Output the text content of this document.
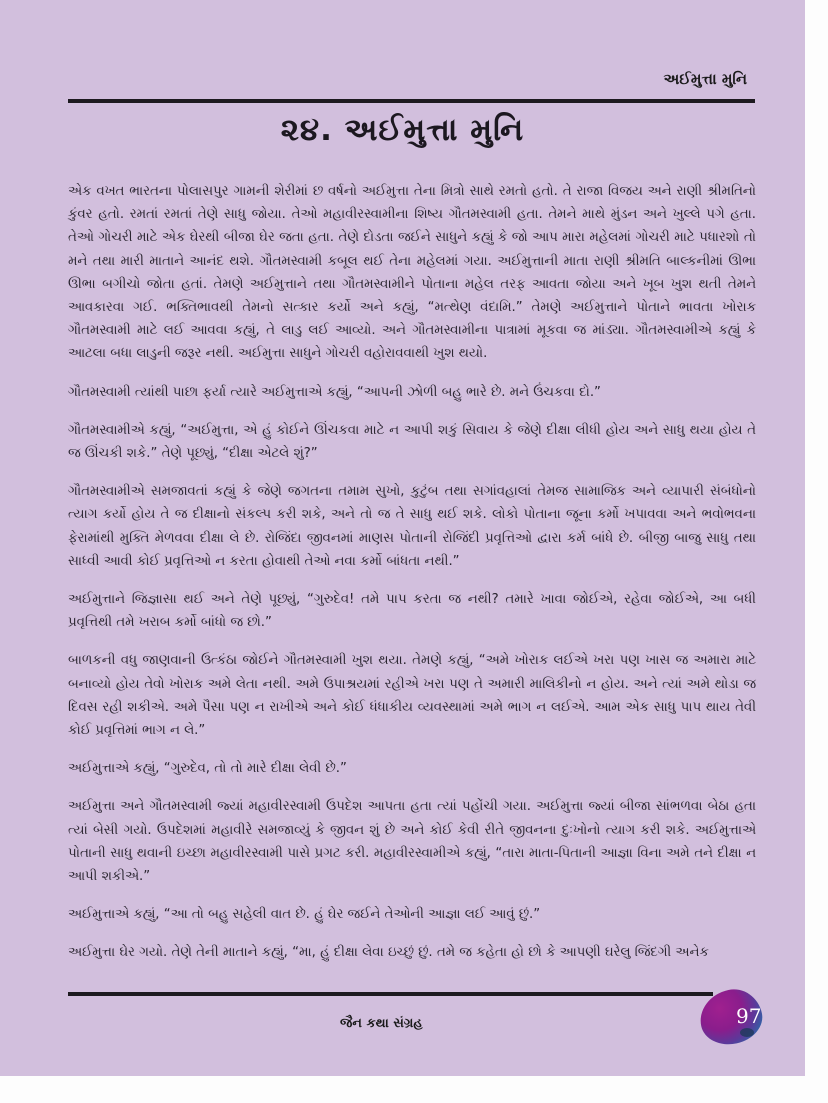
અઈમુત્તા મુનિ
૨૪. અઈમુત્તા મુનિ

એક વખત ભારતના પોલાસપુર ગામની શેરીમાં છ વર્ષનો અઈમુત્તા તેના મિત્રો સાથે રમતો હતો. તે રાજા વિજય અને રાણી શ્રીમતિનો કુંવર હતો. રમતાં રમતાં તેણે સાધુ જોયા. તેઓ મહાવીરસ્વામીના શિષ્ય ગૌતમસ્વામી હતા. તેમને માથે મુંડન અને ખુલ્લે પગે હતા. તેઓ ગોચરી માટે એક ઘેરથી બીજા ઘેર જતા હતા. તેણે દોડતા જઈને સાધુને કહ્યું કે જો આપ મારા મહેલમાં ગોચરી માટે પધારશો તો મને તથા મારી માતાને આનંદ થશે. ગૌતમસ્વામી કબૂલ થઈ તેના મહેલમાં ગયા. અઈમુત્તાની માતા રાણી શ્રીમતિ બાલ્કનીમાં ઊભા ઊભા બગીચો જોતા હતાં. તેમણે અઈમુત્તાને તથા ગૌતમસ્વામીને પોતાના મહેલ તરફ આવતા જોયા અને ખૂબ ખુશ થતી તેમને આવકારવા ગઈ. ભક્તિભાવથી તેમનો સત્કાર કર્યો અને કહ્યું, “મત્થેણ વંદામિ.” તેમણે અઈમુત્તાને પોતાને ભાવતા ખોરાક ગૌતમસ્વામી માટે લઈ આવવા કહ્યું, તે લાડુ લઈ આવ્યો. અને ગૌતમસ્વામીના પાત્રામાં મૂકવા જ માંડ્યા. ગૌતમસ્વામીએ કહ્યું કે આટલા બધા લાડુની જરૂર નથી. અઈમુત્તા સાધુને ગોચરી વહોરાવવાથી ખુશ થયો.

ગૌતમસ્વામી ત્યાંથી પાછા ફર્યા ત્યારે અઈમુત્તાએ કહ્યું, “આપની ઝોળી બહુ ભારે છે. મને ઉંચકવા દો.”

ગૌતમસ્વામીએ કહ્યું, “અઈમુત્તા, એ હું કોઈને ઊંચકવા માટે ન આપી શકું સિવાય કે જેણે દીક્ષા લીધી હોય અને સાધુ થયા હોય તે જ ઊંચકી શકે.” તેણે પૂછ્યું, “દીક્ષા એટલે શું?”

ગૌતમસ્વામીએ સમજાવતાં કહ્યું કે જેણે જગતના તમામ સુખો, કુટુંબ તથા સગાંવહાલાં તેમજ સામાજિક અને વ્યાપારી સંબંધોનો ત્યાગ કર્યો હોય તે જ દીક્ષાનો સંકલ્પ કરી શકે, અને તો જ તે સાધુ થઈ શકે. લોકો પોતાના જૂના કર્મો ખપાવવા અને ભવોભવના ફેરામાંથી મુક્તિ મેળવવા દીક્ષા લે છે. રોજિંદા જીવનમાં માણસ પોતાની રોજિંદી પ્રવૃત્તિઓ દ્વારા કર્મ બાંધે છે. બીજી બાજુ સાધુ તથા સાધ્વી આવી કોઈ પ્રવૃત્તિઓ ન કરતા હોવાથી તેઓ નવા કર્મો બાંધતા નથી.”

અઈમુત્તાને જિજ્ઞાસા થઈ અને તેણે પૂછ્યું, “ગુરુદેવ! તમે પાપ કરતા જ નથી? તમારે ખાવા જોઈએ, રહેવા જોઈએ, આ બધી પ્રવૃત્તિથી તમે ખરાબ કર્મો બાંધો જ છો.”

બાળકની વધુ જાણવાની ઉત્કંઠા જોઈને ગૌતમસ્વામી ખુશ થયા. તેમણે કહ્યું, “અમે ખોરાક લઈએ ખરા પણ ખાસ જ અમારા માટે બનાવ્યો હોય તેવો ખોરાક અમે લેતા નથી. અમે ઉપાશ્રયમાં રહીએ ખરા પણ તે અમારી માલિકીનો ન હોય. અને ત્યાં અમે થોડા જ દિવસ રહી શકીએ. અમે પૈસા પણ ન રાખીએ અને કોઈ ધંધાકીય વ્યવસ્થામાં અમે ભાગ ન લઈએ. આમ એક સાધુ પાપ થાય તેવી કોઈ પ્રવૃત્તિમાં ભાગ ન લે.”

અઈમુત્તાએ કહ્યું, “ગુરુદેવ, તો તો મારે દીક્ષા લેવી છે.”

અઈમુત્તા અને ગૌતમસ્વામી જ્યાં મહાવીરસ્વામી ઉપદેશ આપતા હતા ત્યાં પહોંચી ગયા. અઈમુત્તા જ્યાં બીજા સાંભળવા બેઠા હતા ત્યાં બેસી ગયો. ઉપદેશમાં મહાવીરે સમજાવ્યું કે જીવન શું છે અને કોઈ કેવી રીતે જીવનના દુઃખોનો ત્યાગ કરી શકે. અઈમુત્તાએ પોતાની સાધુ થવાની ઇચ્છા મહાવીરસ્વામી પાસે પ્રગટ કરી. મહાવીરસ્વામીએ કહ્યું, “તારા માતા-પિતાની આજ્ઞા વિના અમે તને દીક્ષા ન આપી શકીએ.”

અઈમુત્તાએ કહ્યું, “આ તો બહુ સહેલી વાત છે. હું ઘેર જઈને તેઓની આજ્ઞા લઈ આવું છું.”

અઈમુત્તા ઘેર ગયો. તેણે તેની માતાને કહ્યું, “મા, હું દીક્ષા લેવા ઇચ્છું છું. તમે જ કહેતા હો છો કે આપણી ઘરેલુ જિંદગી અનેક

જૈન કથા સંગ્રહ	97
